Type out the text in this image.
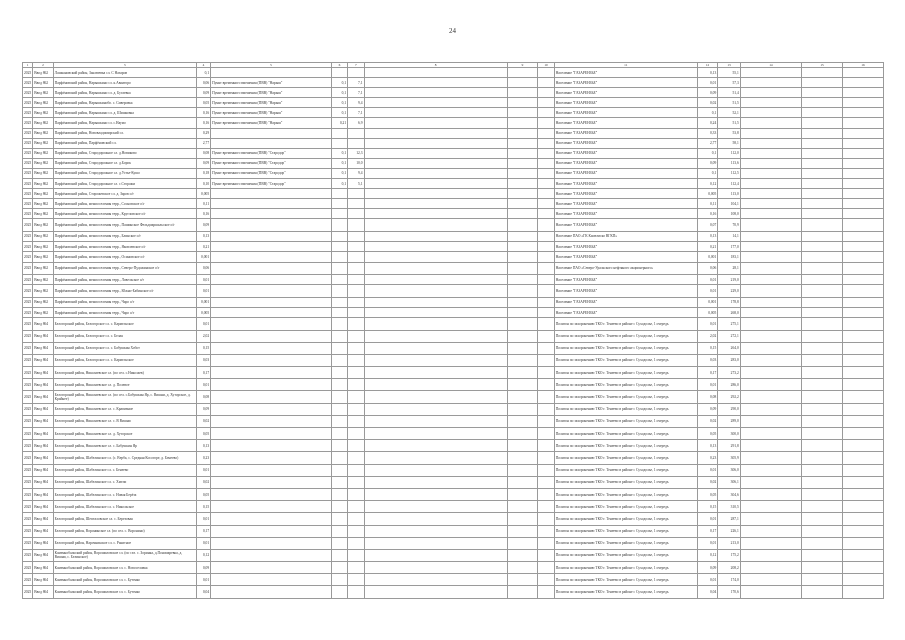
24
1	2	3	4	5	6	7	8	9	10	11	12	13	14	15	16
2025	Ввод 862	Лашкановский район, Заклюевка сл. С Назаров	0,1							Население "ГАЗАРЕНЗЬЕ"	0,13	55,1			
2025	Ввод 862	Парфёновский район, Нарышкино сл. к.Авиаторо	0,06	Пункт временного вмешения (ПВВ) "Нарыш"	0,1	7,1				Население "ГАЗАРЕНЗЬЕ"	0,01	57,3			
2025	Ввод 862	Парфёновский район, Нарышкино сл. д. Бугаевка	0,09	Пункт временного вмешения (ПВВ) "Нарыш"	0,1	7,1				Население "ГАЗАРЕНЗЬЕ"	0,09	51,4			
2025	Ввод 862	Парфёновский район, Нарышкинобо. с. Сиверовка	0,05	Пункт временного вмешения (ПВВ) "Нарыш"	0,1	9,4				Население "ГАЗАРЕНЗЬЕ"	0,02	51,5			
2025	Ввод 862	Парфёновский район, Нарышкино сл. д. Шишковка	0,16	Пункт временного вмешения (ПВВ) "Нарыш"	0,1	7,1				Население "ГАЗАРЕНЗЬЕ"	0,1	52,1			
2025	Ввод 862	Парфёновский район, Нарышкино сл. с.Наумо	0,16	Пункт временного вмешения (ПВВ) "Нарыш"	0,21	6,9				Население "ГАЗАРЕНЗЬЕ"	0,24	51,5			
2025	Ввод 862	Парфёновский район, Нововладимирский сл.	0,29							Население "ГАЗАРЕНЗЬЕ"	0,33	53,8			
2025	Ввод 862	Парфёновский район, Парфёновский сл.	2,77							Население "ГАЗАРЕНЗЬЕ"	2,77	58,1			
2025	Ввод 862	Парфёновский район, Стародорожное сл. д.Новиково	0,08	Пункт временного вмешения (ПВВ) "Стародор"	0,1	12,3				Население "ГАЗАРЕНЗЬЕ"	0,1	112,0			
2025	Ввод 862	Парфёновский район, Стародорожное сл. д.Борок	0,09	Пункт временного вмешения (ПВВ) "Стародор"	0,1	10,0				Население "ГАЗАРЕНЗЬЕ"	0,09	113,6			
2025	Ввод 862	Парфёновский район, Стародорожное сл. д.Устье-Кушо	0,18	Пункт временного вмешения (ПВВ) "Стародор"	0,1	9,4				Население "ГАЗАРЕНЗЬЕ"	0,1	112,5			
2025	Ввод 862	Парфёновский район, Стародорожное сл. с.Сторожи	0,10	Пункт временного вмешения (ПВВ) "Стародор"	0,1	5,1				Население "ГАЗАРЕНЗЬЕ"	0,12	112,4			
2025	Ввод 862	Парфёновский район, Сторожевское сл. д. Заров о/г	0,005							Население "ГАЗАРЕНЗЬЕ"	0,005	113,0			
2025	Ввод 862	Парфёновский район, межпоселения терр., Сосновское о/г	0,11							Население "ГАЗАРЕНЗЬЕ"	0,11	104,1			
2025	Ввод 862	Парфёновский район, межпоселения терр., Кругловское о/г	0,16							Население "ГАЗАРЕНЗЬЕ"	0,16	108,0			
2025	Ввод 862	Парфёновский район, межпоселения терр., Пашинское Фельдмаршальское о/г	0,09							Население "ГАЗАРЕНЗЬЕ"	0,07	70,9			
2025	Ввод 862	Парфёновский район, межпоселения терр., Блинское о/г	0,13							Население ПАО «ГК Камелиско ВГКП»	0,13	14,1			
2025	Ввод 862	Парфёновский район, межпоселения терр., Яковлевское о/г	0,21							Население "ГАЗАРЕНЗЬЕ"	0,21	177,0			
2025	Ввод 862	Парфёновский район, межпоселения терр., Осиновское о/г	0,001							Население "ГАЗАРЕНЗЬЕ"	0,001	183,1			
2025	Ввод 862	Парфёновский район, межпоселения терр., Северо-Пудожинское о/г	0,06							Население ПАО «Северо-Уральского нефтяного акционерного»	0,06	28,1			
2025	Ввод 862	Парфёновский район, межпоселения терр., Ловельское о/г	0,01							Население "ГАЗАРЕНЗЬЕ"	0,01	219,0			
2025	Ввод 862	Парфёновский район, межпоселения терр., Южно-Бабинское о/г	0,01							Население "ГАЗАРЕНЗЬЕ"	0,01	229,0			
2025	Ввод 862	Парфёновский район, межпоселения терр., Чаро о/г	0,001							Население "ГАЗАРЕНЗЬЕ"	0,001	178,8			
2025	Ввод 862	Парфёновский район, межпоселения терр., Чаро о/г	0,005							Население "ГАЗАРЕНЗЬЕ"	0,005	268,0			
2025	Ввод 864	Белогорский район, Белогорское сл. с. Кармельское	0,01							Полигон по захоронению ТКО г. Тенеево в районе с Суходолье, 1 очередь	0,01	275,1			
2025	Ввод 864	Белогорский район, Белогорское сл. с. Белая	2,02							Полигон по захоронению ТКО г. Тенеево в районе с Суходолье, 1 очередь	2,02	272,1			
2025	Ввод 864	Белогорский район, Белогорское сл. с. Бабушкин Хобот	0,15							Полигон по захоронению ТКО г. Тенеево в районе с Суходолье, 1 очередь	0,15	264,0			
2025	Ввод 864	Белогорский район, Белогорское сл. с. Кармельское	0,03							Полигон по захоронению ТКО г. Тенеево в районе с Суходолье, 1 очередь	0,03	283,0			
2025	Ввод 864	Белогорский район, Николаевское сл. (по сел. с.Николаев)	0,17							Полигон по захоронению ТКО г. Тенеево в районе с Суходолье, 1 очередь	0,17	273,2			
2025	Ввод 864	Белогорский район, Николаевское сл. д. Полевое	0,01							Полигон по захоронению ТКО г. Тенеево в районе с Суходолье, 1 очередь	0,01	286,0			
2025	Ввод 864	Белогорский район, Николаевское сл. (по сел. с.Бабушкин Яр, с. Вишни, д. Хуторское, д. Крайнее)	0,08							Полигон по захоронению ТКО г. Тенеево в районе с Суходолье, 1 очередь	0,08	292,2			
2025	Ввод 864	Белогорский район, Николаевское сл. с. Крапивное	0,09							Полигон по захоронению ТКО г. Тенеево в районе с Суходолье, 1 очередь	0,09	290,0			
2025	Ввод 864	Белогорский район, Николаевское сл. с. В Вишни	0,02							Полигон по захоронению ТКО г. Тенеево в районе с Суходолье, 1 очередь	0,02	289,0			
2025	Ввод 864	Белогорский район, Николаевское сл. д. Хуторское	0,05							Полигон по захоронению ТКО г. Тенеево в районе с Суходолье, 1 очередь	0,05	300,0			
2025	Ввод 864	Белогорский район, Николаевское сл. с. Бабушкин Яр	0,13							Полигон по захоронению ТКО г. Тенеево в районе с Суходолье, 1 очередь	0,13	291,8			
2025	Ввод 864	Белогорский район, Шабелинское сл. (с. Верба, с. Средняя Косогоре, д. Бенеево)	0,23							Полигон по захоронению ТКО г. Тенеево в районе с Суходолье, 1 очередь	0,23	305,9			
2025	Ввод 864	Белогорский район, Шабелинское сл. с. Бенеево	0,01							Полигон по захоронению ТКО г. Тенеево в районе с Суходолье, 1 очередь	0,01	306,0			
2025	Ввод 864	Белогорский район, Шабелинское сл. с. Хмели	0,02							Полигон по захоронению ТКО г. Тенеево в районе с Суходолье, 1 очередь	0,02	306,1			
2025	Ввод 864	Белогорский район, Шабелинское сл. с. Новая Берёза	0,05							Полигон по захоронению ТКО г. Тенеево в районе с Суходолье, 1 очередь	0,05	304,6			
2025	Ввод 864	Белогорский район, Шабелинское сл. с. Никольское	0,15							Полигон по захоронению ТКО г. Тенеево в районе с Суходолье, 1 очередь	0,15	310,5			
2025	Ввод 864	Белогорский район, Шепталовское сл. с. Березовая	0,01							Полигон по захоронению ТКО г. Тенеево в районе с Суходолье, 1 очередь	0,01	287,1			
2025	Ввод 864	Белогорский район, Воронинское сл. (по сел. с. Воронино)	0,17							Полигон по захоронению ТКО г. Тенеево в районе с Суходолье, 1 очередь	0,17	226,1			
2025	Ввод 864	Белогорский район, Нарочникское сл. с. Ракитное	0,01							Полигон по захоронению ТКО г. Тенеево в районе с Суходолье, 1 очередь	0,01	213,0			
2025	Ввод 864	Каменнобалкский район, Ворошиловское сл. (по сел. с. Зоринка, д.Пономаревка, д. Вишни, с. Белинское)	0,12							Полигон по захоронению ТКО г. Тенеево в районе с Суходолье, 1 очередь	0,12	175,2			
2025	Ввод 864	Каменнобалкский район, Ворошиловское сл. с. Новоселовка	0,09							Полигон по захоронению ТКО г. Тенеево в районе с Суходолье, 1 очередь	0,09	208,2			
2025	Ввод 864	Каменнобалкский район, Ворошиловское сл. с. Бутенко	0,01							Полигон по захоронению ТКО г. Тенеево в районе с Суходолье, 1 очередь	0,01	174,0			
2025	Ввод 864	Каменнобалкский район, Ворошиловское сл. с. Бутенко	0,04							Полигон по захоронению ТКО г. Тенеево в районе с Суходолье, 1 очередь	0,04	170,6			
